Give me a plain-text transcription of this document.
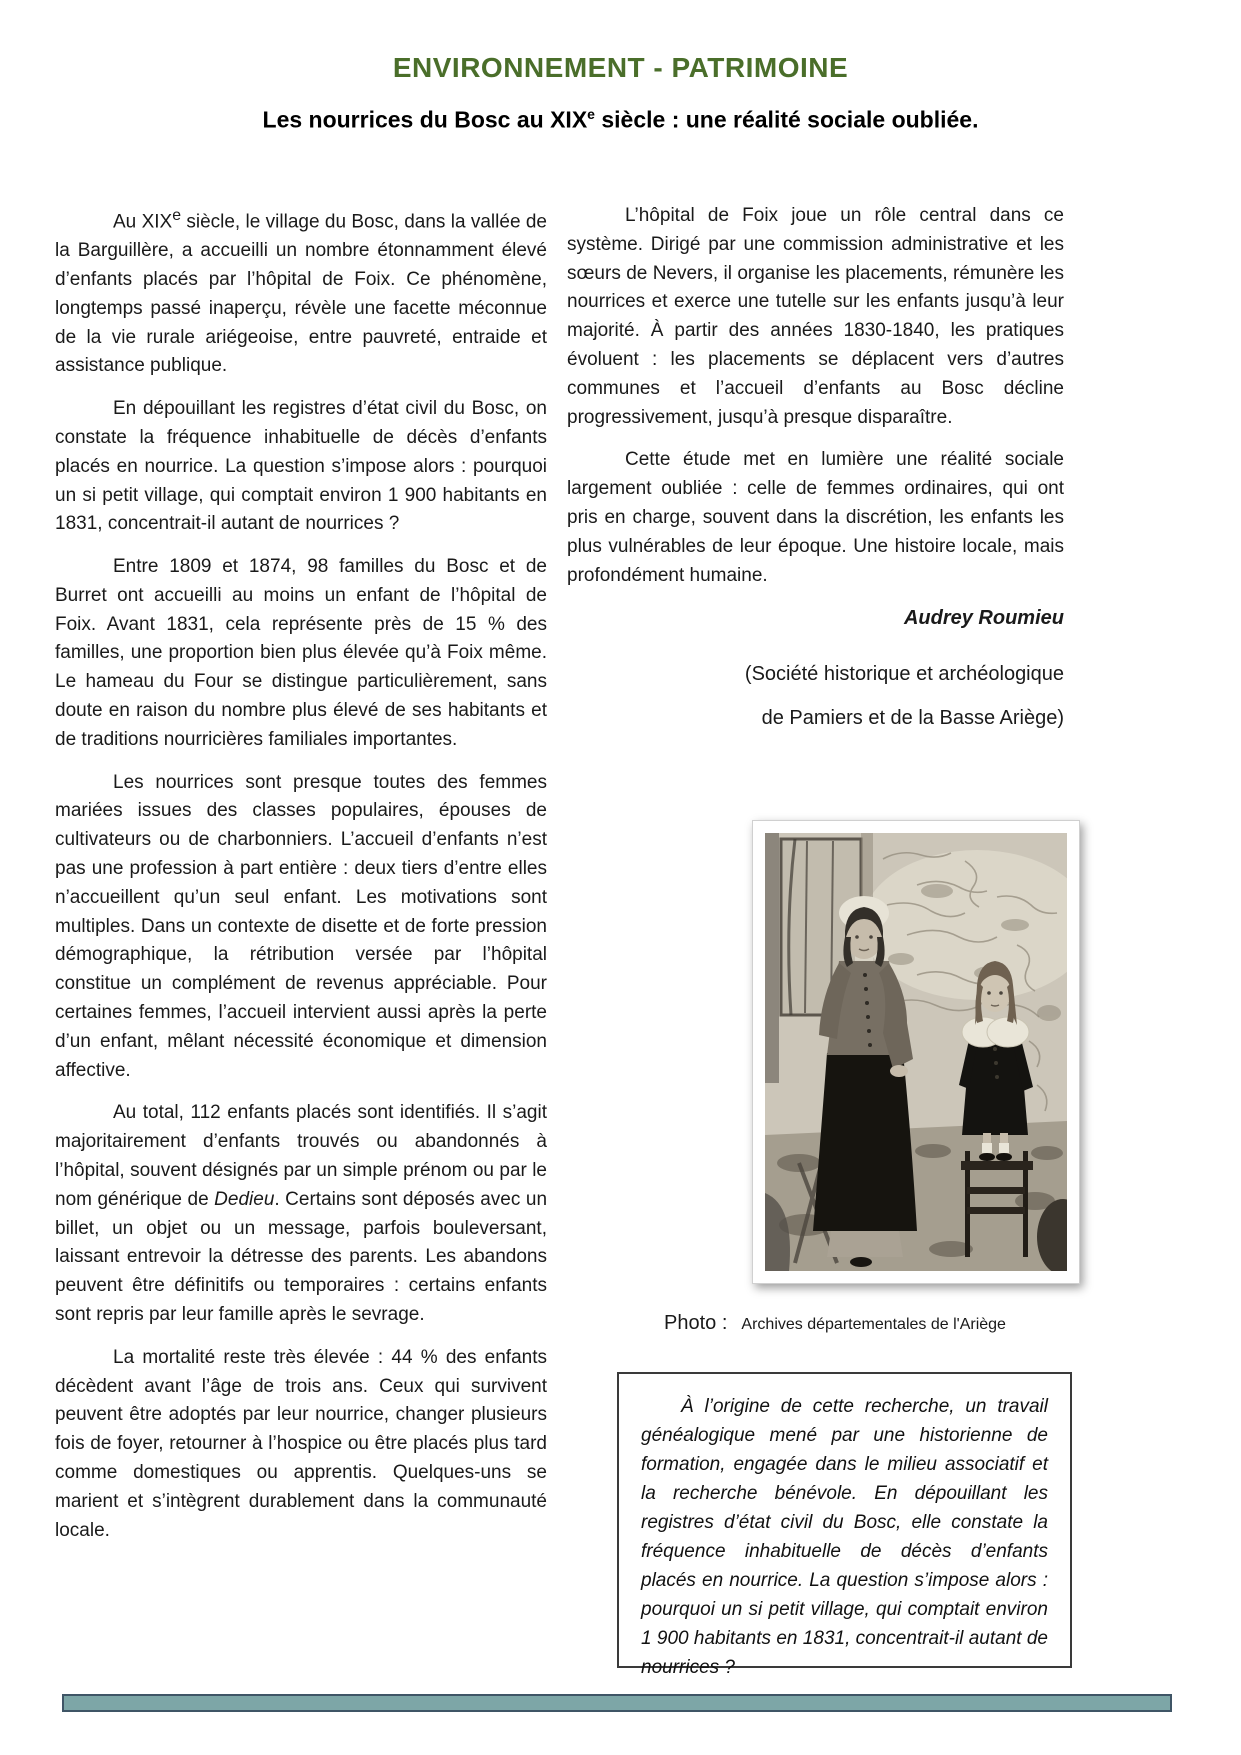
ENVIRONNEMENT - PATRIMOINE
Les nourrices du Bosc au XIXe siècle : une réalité sociale oubliée.

Au XIXe siècle, le village du Bosc, dans la vallée de la Barguillère, a accueilli un nombre étonnamment élevé d’enfants placés par l’hôpital de Foix. Ce phénomène, longtemps passé inaperçu, révèle une facette méconnue de la vie rurale ariégeoise, entre pauvreté, entraide et assistance publique.

En dépouillant les registres d’état civil du Bosc, on constate la fréquence inhabituelle de décès d’enfants placés en nourrice. La question s’impose alors : pourquoi un si petit village, qui comptait environ 1 900 habitants en 1831, concentrait-il autant de nourrices ?

Entre 1809 et 1874, 98 familles du Bosc et de Burret ont accueilli au moins un enfant de l’hôpital de Foix. Avant 1831, cela représente près de 15 % des familles, une proportion bien plus élevée qu’à Foix même. Le hameau du Four se distingue particulièrement, sans doute en raison du nombre plus élevé de ses habitants et de traditions nourricières familiales importantes.

Les nourrices sont presque toutes des femmes mariées issues des classes populaires, épouses de cultivateurs ou de charbonniers. L’accueil d’enfants n’est pas une profession à part entière : deux tiers d’entre elles n’accueillent qu’un seul enfant. Les motivations sont multiples. Dans un contexte de disette et de forte pression démographique, la rétribution versée par l’hôpital constitue un complément de revenus appréciable. Pour certaines femmes, l’accueil intervient aussi après la perte d’un enfant, mêlant nécessité économique et dimension affective.

Au total, 112 enfants placés sont identifiés. Il s’agit majoritairement d’enfants trouvés ou abandonnés à l’hôpital, souvent désignés par un simple prénom ou par le nom générique de Dedieu. Certains sont déposés avec un billet, un objet ou un message, parfois bouleversant, laissant entrevoir la détresse des parents. Les abandons peuvent être définitifs ou temporaires : certains enfants sont repris par leur famille après le sevrage.

La mortalité reste très élevée : 44 % des enfants décèdent avant l’âge de trois ans. Ceux qui survivent peuvent être adoptés par leur nourrice, changer plusieurs fois de foyer, retourner à l’hospice ou être placés plus tard comme domestiques ou apprentis. Quelques-uns se marient et s’intègrent durablement dans la communauté locale.

L’hôpital de Foix joue un rôle central dans ce système. Dirigé par une commission administrative et les sœurs de Nevers, il organise les placements, rémunère les nourrices et exerce une tutelle sur les enfants jusqu’à leur majorité. À partir des années 1830-1840, les pratiques évoluent : les placements se déplacent vers d’autres communes et l’accueil d’enfants au Bosc décline progressivement, jusqu’à presque disparaître.

Cette étude met en lumière une réalité sociale largement oubliée : celle de femmes ordinaires, qui ont pris en charge, souvent dans la discrétion, les enfants les plus vulnérables de leur époque. Une histoire locale, mais profondément humaine.

Audrey Roumieu

(Société historique et archéologique

de Pamiers et de la Basse Ariège)

Photo : Archives départementales de l'Ariège

À l’origine de cette recherche, un travail généalogique mené par une historienne de formation, engagée dans le milieu associatif et la recherche bénévole. En dépouillant les registres d’état civil du Bosc, elle constate la fréquence inhabituelle de décès d’enfants placés en nourrice. La question s’impose alors : pourquoi un si petit village, qui comptait environ 1 900 habitants en 1831, concentrait-il autant de nourrices ?
